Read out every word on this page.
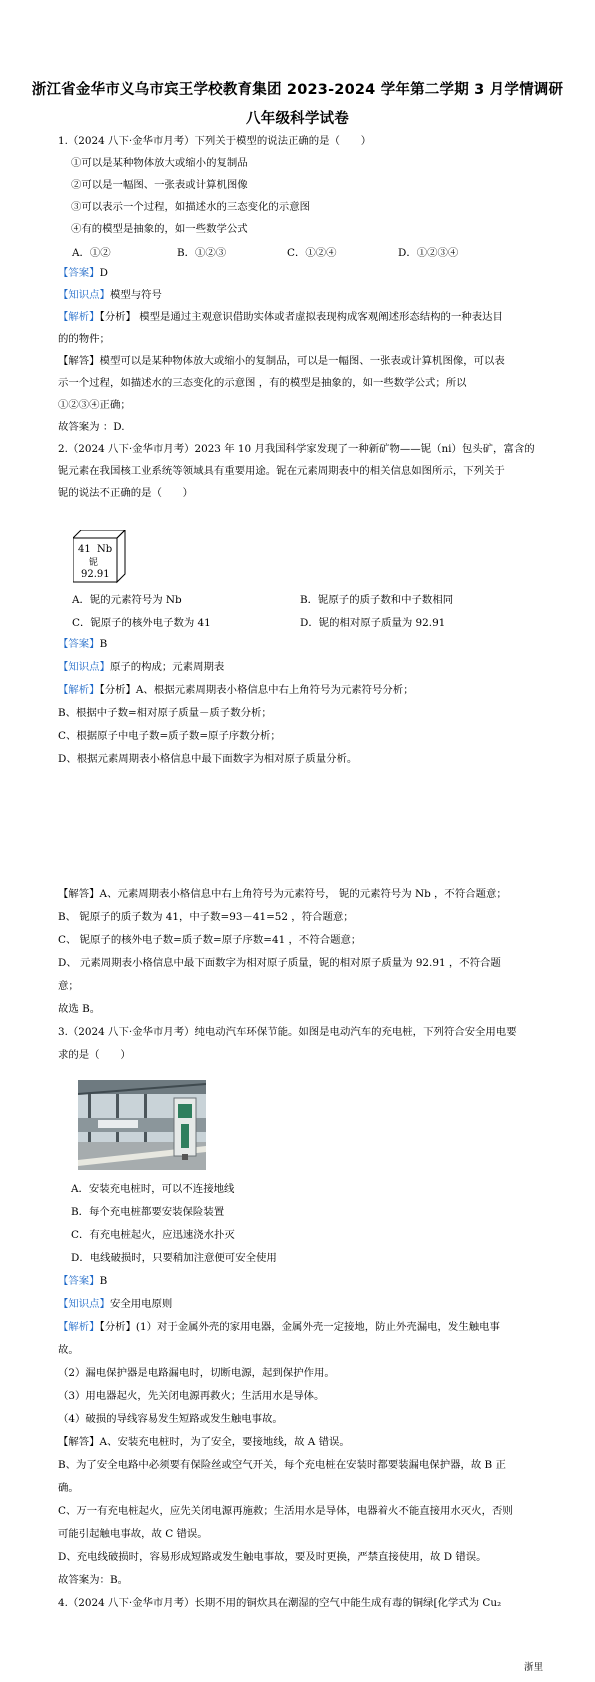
浙江省金华市义乌市宾王学校教育集团 2023-2024 学年第二学期 3 月学情调研
八年级科学试卷
1.（2024 八下·金华市月考）下列关于模型的说法正确的是（　　）
①可以是某种物体放大或缩小的复制品
②可以是一幅图、一张表或计算机图像
③可以表示一个过程，如描述水的三态变化的示意图
④有的模型是抽象的，如一些数学公式
A．①②	B．①②③	C．①②④	D．①②③④
【答案】D
【知识点】模型与符号
【解析】【分析】 模型是通过主观意识借助实体或者虚拟表现构成客观阐述形态结构的一种表达目
的的物件；
【解答】模型可以是某种物体放大或缩小的复制品，可以是一幅图、一张表或计算机图像，可以表
示一个过程，如描述水的三态变化的示意图 ，有的模型是抽象的，如一些数学公式；所以
①②③④正确；
故答案为 ：D.
2.（2024 八下·金华市月考）2023 年 10 月我国科学家发现了一种新矿物——铌（ni）包头矿，富含的
铌元素在我国核工业系统等领域具有重要用途。铌在元素周期表中的相关信息如图所示，下列关于
铌的说法不正确的是（　　）
41 Nb
铌
92.91
A．铌的元素符号为 Nb	B．铌原子的质子数和中子数相同
C．铌原子的核外电子数为 41	D．铌的相对原子质量为 92.91
【答案】B
【知识点】原子的构成；元素周期表
【解析】【分析】A、根据元素周期表小格信息中右上角符号为元素符号分析；
B、根据中子数=相对原子质量－质子数分析；
C、根据原子中电子数=质子数=原子序数分析；
D、根据元素周期表小格信息中最下面数字为相对原子质量分析。
【解答】A、元素周期表小格信息中右上角符号为元素符号， 铌的元素符号为 Nb ，不符合题意；
B、 铌原子的质子数为 41，中子数=93－41=52 ，符合题意；
C、 铌原子的核外电子数=质子数=原子序数=41 ，不符合题意；
D、 元素周期表小格信息中最下面数字为相对原子质量，铌的相对原子质量为 92.91 ，不符合题
意；
故选 B。
3.（2024 八下·金华市月考）纯电动汽车环保节能。如图是电动汽车的充电桩，下列符合安全用电要
求的是（　　）
A．安装充电桩时，可以不连接地线
B．每个充电桩都要安装保险装置
C．有充电桩起火，应迅速浇水扑灭
D．电线破损时，只要稍加注意便可安全使用
【答案】B
【知识点】安全用电原则
【解析】【分析】(1）对于金属外壳的家用电器，金属外壳一定接地，防止外壳漏电，发生触电事
故。
（2）漏电保护器是电路漏电时，切断电源，起到保护作用。
（3）用电器起火，先关闭电源再救火；生活用水是导体。
（4）破损的导线容易发生短路或发生触电事故。
【解答】A、安装充电桩时，为了安全，要接地线，故 A 错误。
B、为了安全电路中必须要有保险丝或空气开关，每个充电桩在安装时都要装漏电保护器，故 B 正
确。
C、万一有充电桩起火，应先关闭电源再施救；生活用水是导体，电器着火不能直接用水灭火，否则
可能引起触电事故，故 C 错误。
D、充电线破损时，容易形成短路或发生触电事故，要及时更换，严禁直接使用，故 D 错误。
故答案为：B。
4.（2024 八下·金华市月考）长期不用的铜炊具在潮湿的空气中能生成有毒的铜绿[化学式为 Cu₂
浙里
